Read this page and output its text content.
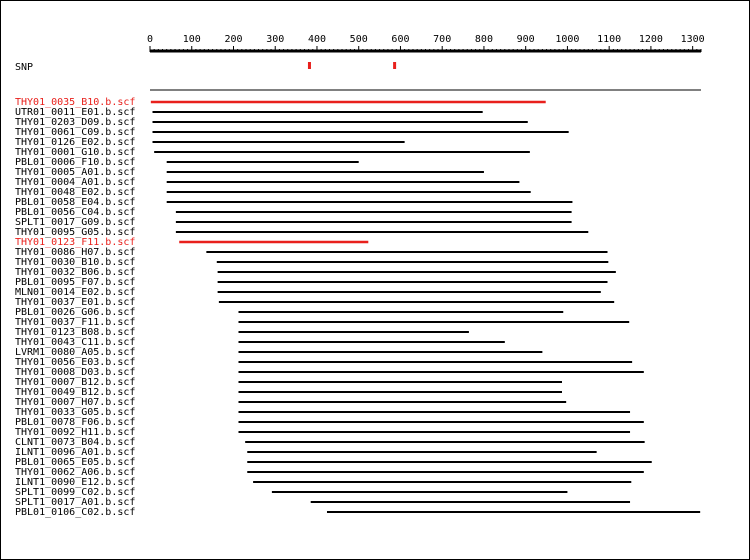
0	100 200 300 400 500 600 700 800 900 1000 1100 1200 1300
SNP
THY01_0035_B10.b.scf
UTR01_0011_E01.b.scf
THY01_0203_D09.b.scf
THY01_0061_C09.b.scf
THY01_0126_E02.b.scf
THY01_0001_G10.b.scf
PBL01_0006_F10.b.scf
THY01_0005_A01.b.scf
THY01_0004_A01.b.scf
THY01_0048_E02.b.scf
PBL01_0058_E04.b.scf
PBL01_0056_C04.b.scf
SPLT1_0017_G09.b.scf
THY01_0095_G05.b.scf
THY01_0123_F11.b.scf
THY01_0086_H07.b.scf
THY01_0030_B10.b.scf
THY01_0032_B06.b.scf
PBL01_0095_F07.b.scf
MLN01_0014_E02.b.scf
THY01_0037_E01.b.scf
PBL01_0026_G06.b.scf
THY01_0037_F11.b.scf
THY01_0123_B08.b.scf
THY01_0043_C11.b.scf
LVRM1_0080_A05.b.scf
THY01_0056_E03.b.scf
THY01_0008_D03.b.scf
THY01_0007_B12.b.scf
THY01_0049_B12.b.scf
THY01_0007_H07.b.scf
THY01_0033_G05.b.scf
PBL01_0078_F06.b.scf
THY01_0092_H11.b.scf
CLNT1_0073_B04.b.scf
ILNT1_0096_A01.b.scf
PBL01_0065_E05.b.scf
THY01_0062_A06.b.scf
ILNT1_0090_E12.b.scf
SPLT1_0099_C02.b.scf
SPLT1_0017_A01.b.scf
PBL01_0106_C02.b.scf
